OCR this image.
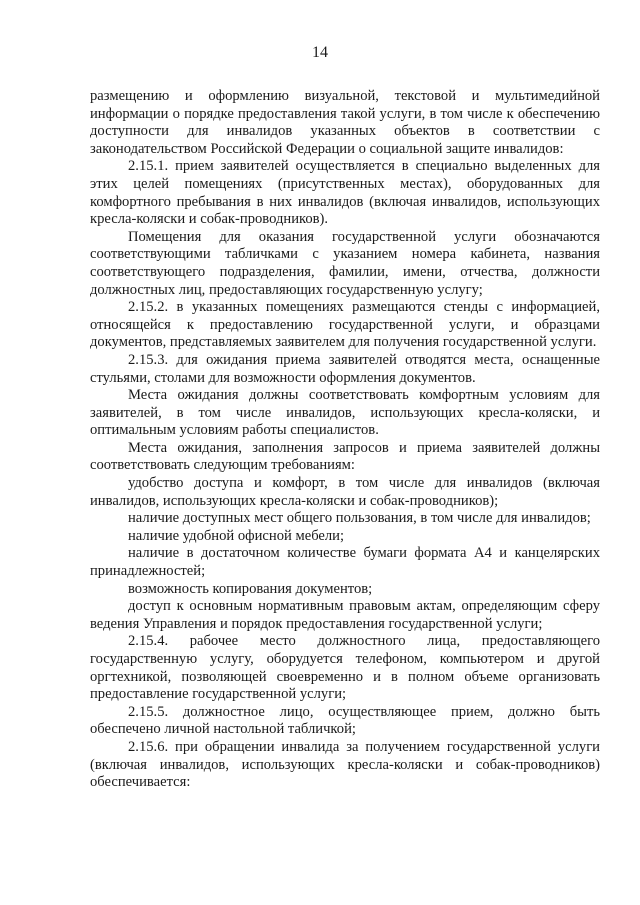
14

размещению и оформлению визуальной, текстовой и мультимедийной информации о порядке предоставления такой услуги, в том числе к обеспечению доступности для инвалидов указанных объектов в соответствии с законодательством Российской Федерации о социальной защите инвалидов:

2.15.1. прием заявителей осуществляется в специально выделенных для этих целей помещениях (присутственных местах), оборудованных для комфортного пребывания в них инвалидов (включая инвалидов, использующих кресла-коляски и собак-проводников).

Помещения для оказания государственной услуги обозначаются соответствующими табличками с указанием номера кабинета, названия соответствующего подразделения, фамилии, имени, отчества, должности должностных лиц, предоставляющих государственную услугу;

2.15.2. в указанных помещениях размещаются стенды с информацией, относящейся к предоставлению государственной услуги, и образцами документов, представляемых заявителем для получения государственной услуги.

2.15.3. для ожидания приема заявителей отводятся места, оснащенные стульями, столами для возможности оформления документов.

Места ожидания должны соответствовать комфортным условиям для заявителей, в том числе инвалидов, использующих кресла-коляски, и оптимальным условиям работы специалистов.

Места ожидания, заполнения запросов и приема заявителей должны соответствовать следующим требованиям:

удобство доступа и комфорт, в том числе для инвалидов (включая инвалидов, использующих кресла-коляски и собак-проводников);

наличие доступных мест общего пользования, в том числе для инвалидов;

наличие удобной офисной мебели;

наличие в достаточном количестве бумаги формата А4 и канцелярских принадлежностей;

возможность копирования документов;

доступ к основным нормативным правовым актам, определяющим сферу ведения Управления и порядок предоставления государственной услуги;

2.15.4. рабочее место должностного лица, предоставляющего государственную услугу, оборудуется телефоном, компьютером и другой оргтехникой, позволяющей своевременно и в полном объеме организовать предоставление государственной услуги;

2.15.5. должностное лицо, осуществляющее прием, должно быть обеспечено личной настольной табличкой;

2.15.6. при обращении инвалида за получением государственной услуги (включая инвалидов, использующих кресла-коляски и собак-проводников) обеспечивается:
